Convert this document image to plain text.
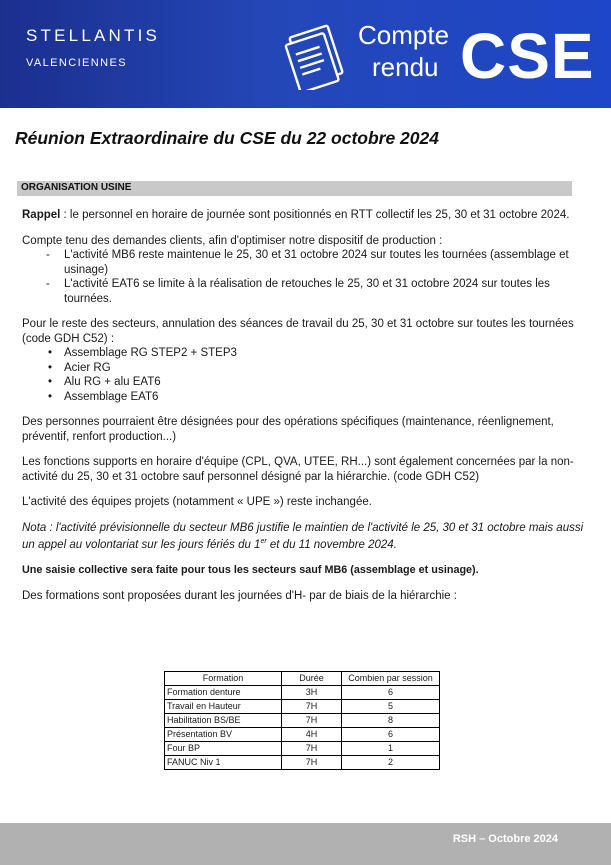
STELLANTIS
VALENCIENNES
Compte
rendu CSE
Réunion Extraordinaire du CSE du 22 octobre 2024
ORGANISATION USINE

Rappel : le personnel en horaire de journée sont positionnés en RTT collectif les 25, 30 et 31 octobre 2024.

Compte tenu des demandes clients, afin d'optimiser notre dispositif de production :

- L'activité MB6 reste maintenue le 25, 30 et 31 octobre 2024 sur toutes les tournées (assemblage et usinage)
- L'activité EAT6 se limite à la réalisation de retouches le 25, 30 et 31 octobre 2024 sur toutes les tournées.

Pour le reste des secteurs, annulation des séances de travail du 25, 30 et 31 octobre sur toutes les tournées (code GDH C52) :

• Assemblage RG STEP2 + STEP3
• Acier RG
• Alu RG + alu EAT6
• Assemblage EAT6

Des personnes pourraient être désignées pour des opérations spécifiques (maintenance, réenlignement, préventif, renfort production...)

Les fonctions supports en horaire d'équipe (CPL, QVA, UTEE, RH...) sont également concernées par la non-activité du 25, 30 et 31 octobre sauf personnel désigné par la hiérarchie. (code GDH C52)

L'activité des équipes projets (notamment « UPE ») reste inchangée.

Nota : l'activité prévisionnelle du secteur MB6 justifie le maintien de l'activité le 25, 30 et 31 octobre mais aussi un appel au volontariat sur les jours fériés du 1er et du 11 novembre 2024.

Une saisie collective sera faite pour tous les secteurs sauf MB6 (assemblage et usinage).

Des formations sont proposées durant les journées d'H- par de biais de la hiérarchie :

Formation	Durée	Combien par session
Formation denture	3H	6
Travail en Hauteur	7H	5
Habilitation BS/BE	7H	8
Présentation BV	4H	6
Four BP	7H	1
FANUC Niv 1	7H	2
RSH – Octobre 2024
